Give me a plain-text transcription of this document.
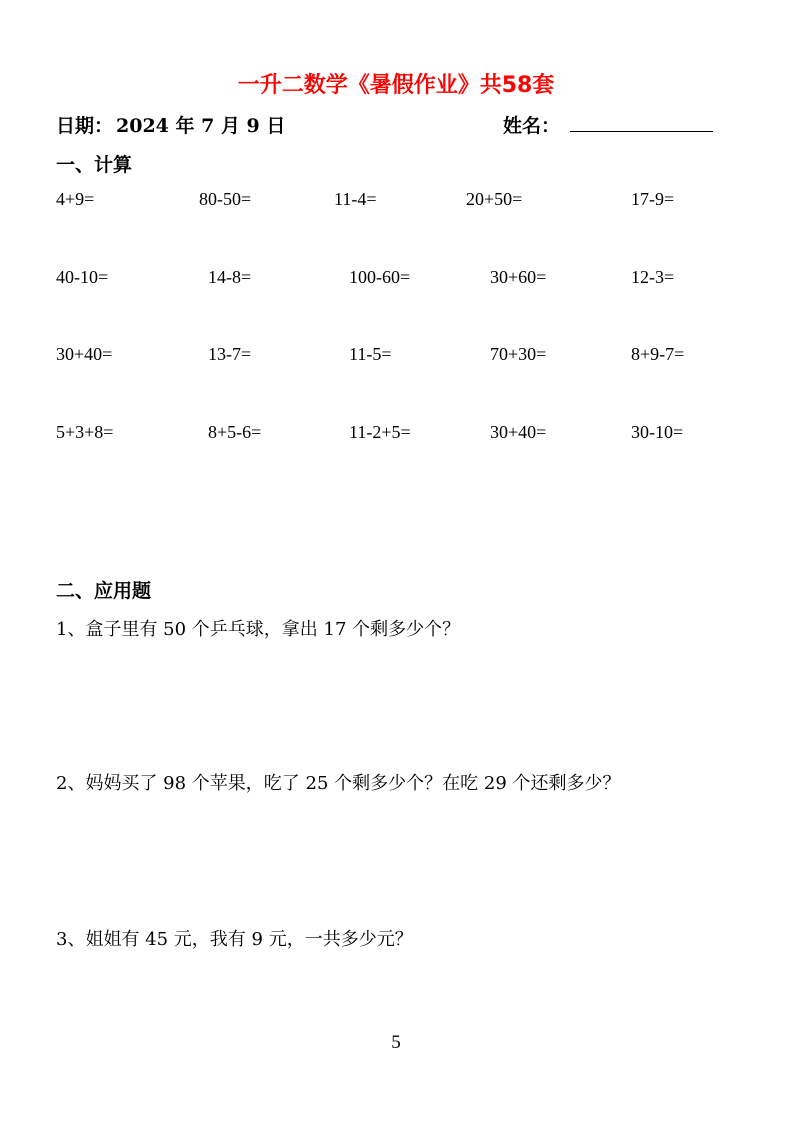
一升二数学《暑假作业》共58套
日期： 2024 年 7 月 9 日	姓名：
一、计算
4+9=	80-50=	11-4=	20+50=	17-9=
40-10=	14-8=	100-60=	30+60=	12-3=
30+40=	13-7=	11-5=	70+30=	8+9-7=
5+3+8=	8+5-6=	11-2+5=	30+40=	30-10=
二、应用题
1、盒子里有 50 个乒乓球，拿出 17 个剩多少个？
2、妈妈买了 98 个苹果，吃了 25 个剩多少个？在吃 29 个还剩多少？
3、姐姐有 45 元，我有 9 元，一共多少元？
5
